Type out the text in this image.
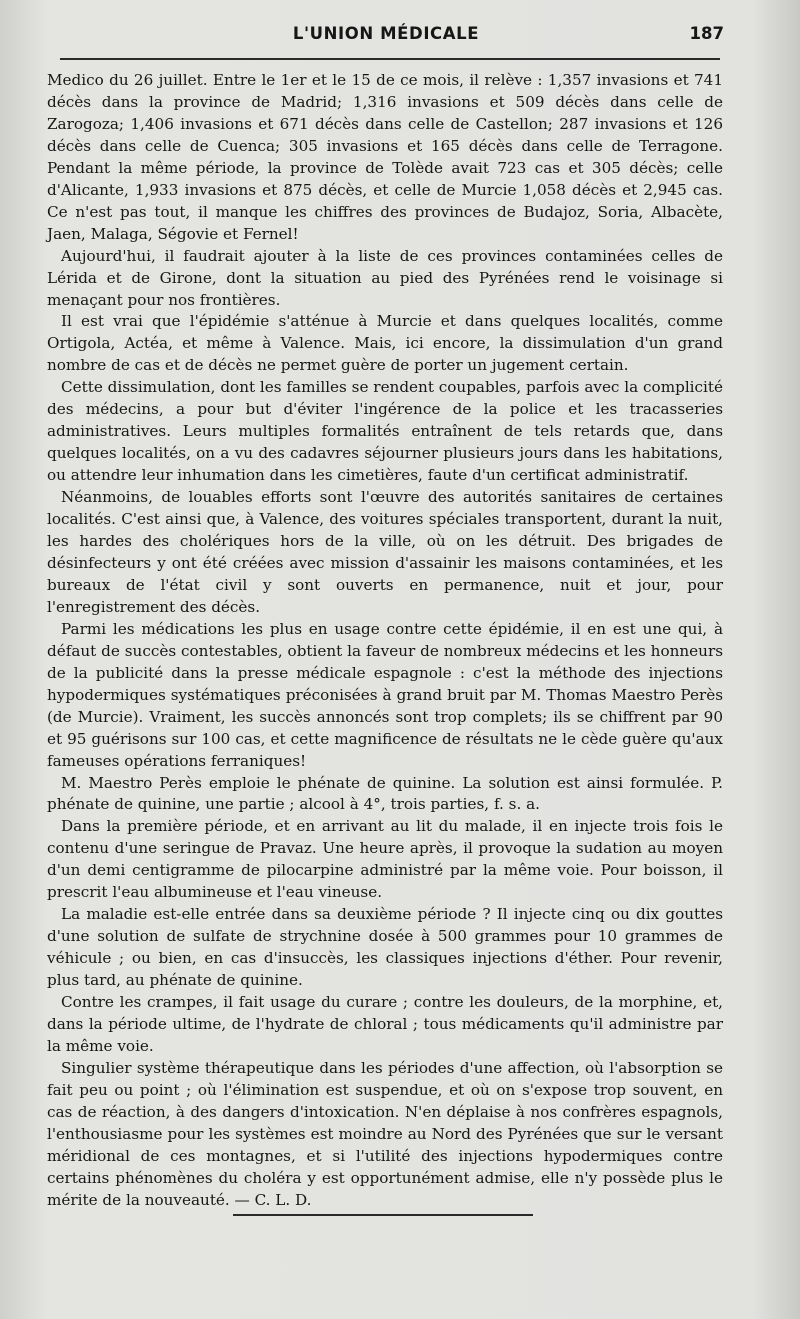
L'UNION MÉDICALE	187

Medico du 26 juillet. Entre le 1er et le 15 de ce mois, il relève : 1,357 invasions et 741 décès dans la province de Madrid; 1,316 invasions et 509 décès dans celle de Zarogoza; 1,406 invasions et 671 décès dans celle de Castellon; 287 invasions et 126 décès dans celle de Cuenca; 305 invasions et 165 décès dans celle de Terragone. Pendant la même période, la province de Tolède avait 723 cas et 305 décès; celle d'Alicante, 1,933 invasions et 875 décès, et celle de Murcie 1,058 décès et 2,945 cas. Ce n'est pas tout, il manque les chiffres des provinces de Budajoz, Soria, Albacète, Jaen, Malaga, Ségovie et Fernel!

Aujourd'hui, il faudrait ajouter à la liste de ces provinces contaminées celles de Lérida et de Girone, dont la situation au pied des Pyrénées rend le voisinage si menaçant pour nos frontières.

Il est vrai que l'épidémie s'atténue à Murcie et dans quelques localités, comme Ortigola, Actéa, et même à Valence. Mais, ici encore, la dissimulation d'un grand nombre de cas et de décès ne permet guère de porter un jugement certain.

Cette dissimulation, dont les familles se rendent coupables, parfois avec la complicité des médecins, a pour but d'éviter l'ingérence de la police et les tracasseries administratives. Leurs multiples formalités entraînent de tels retards que, dans quelques localités, on a vu des cadavres séjourner plusieurs jours dans les habitations, ou attendre leur inhumation dans les cimetières, faute d'un certificat administratif.

Néanmoins, de louables efforts sont l'œuvre des autorités sanitaires de certaines localités. C'est ainsi que, à Valence, des voitures spéciales transportent, durant la nuit, les hardes des cholériques hors de la ville, où on les détruit. Des brigades de désinfecteurs y ont été créées avec mission d'assainir les maisons contaminées, et les bureaux de l'état civil y sont ouverts en permanence, nuit et jour, pour l'enregistrement des décès.

Parmi les médications les plus en usage contre cette épidémie, il en est une qui, à défaut de succès contestables, obtient la faveur de nombreux médecins et les honneurs de la publicité dans la presse médicale espagnole : c'est la méthode des injections hypodermiques systématiques préconisées à grand bruit par M. Thomas Maestro Perès (de Murcie). Vraiment, les succès annoncés sont trop complets; ils se chiffrent par 90 et 95 guérisons sur 100 cas, et cette magnificence de résultats ne le cède guère qu'aux fameuses opérations ferraniques!

M. Maestro Perès emploie le phénate de quinine. La solution est ainsi formulée. P. phénate de quinine, une partie ; alcool à 4°, trois parties, f. s. a.

Dans la première période, et en arrivant au lit du malade, il en injecte trois fois le contenu d'une seringue de Pravaz. Une heure après, il provoque la sudation au moyen d'un demi centigramme de pilocarpine administré par la même voie. Pour boisson, il prescrit l'eau albumineuse et l'eau vineuse.

La maladie est-elle entrée dans sa deuxième période ? Il injecte cinq ou dix gouttes d'une solution de sulfate de strychnine dosée à 500 grammes pour 10 grammes de véhicule ; ou bien, en cas d'insuccès, les classiques injections d'éther. Pour revenir, plus tard, au phénate de quinine.

Contre les crampes, il fait usage du curare ; contre les douleurs, de la morphine, et, dans la période ultime, de l'hydrate de chloral ; tous médicaments qu'il administre par la même voie.

Singulier système thérapeutique dans les périodes d'une affection, où l'absorption se fait peu ou point ; où l'élimination est suspendue, et où on s'expose trop souvent, en cas de réaction, à des dangers d'intoxication. N'en déplaise à nos confrères espagnols, l'enthousiasme pour les systèmes est moindre au Nord des Pyrénées que sur le versant méridional de ces montagnes, et si l'utilité des injections hypodermiques contre certains phénomènes du choléra y est opportunément admise, elle n'y possède plus le mérite de la nouveauté. — C. L. D.
